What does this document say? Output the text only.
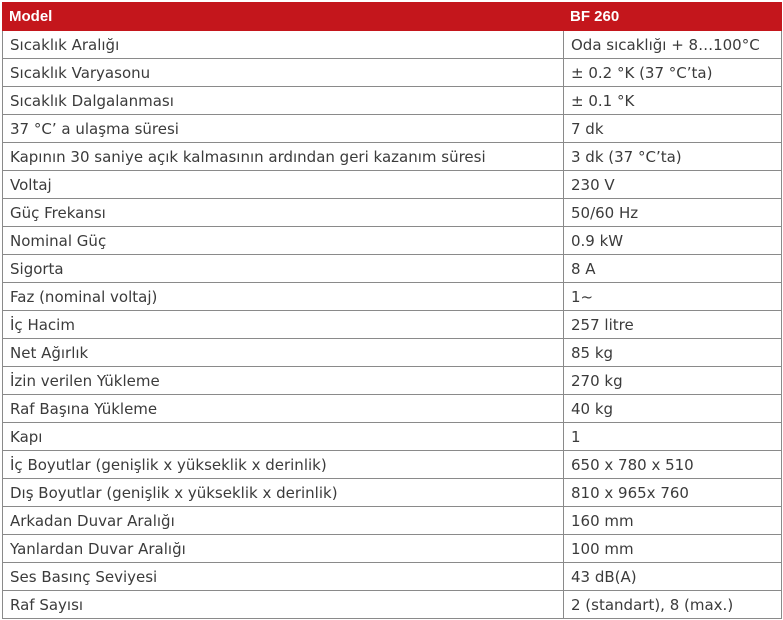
Model	BF 260
Sıcaklık Aralığı	Oda sıcaklığı + 8…100°C
Sıcaklık Varyasonu	± 0.2 °K (37 °C’ta)
Sıcaklık Dalgalanması	± 0.1 °K
37 °C’ a ulaşma süresi	7 dk
Kapının 30 saniye açık kalmasının ardından geri kazanım süresi	3 dk (37 °C’ta)
Voltaj	230 V
Güç Frekansı	50/60 Hz
Nominal Güç	0.9 kW
Sigorta	8 A
Faz (nominal voltaj)	1~
İç Hacim	257 litre
Net Ağırlık	85 kg
İzin verilen Yükleme	270 kg
Raf Başına Yükleme	40 kg
Kapı	1
İç Boyutlar (genişlik x yükseklik x derinlik)	650 x 780 x 510
Dış Boyutlar (genişlik x yükseklik x derinlik)	810 x 965x 760
Arkadan Duvar Aralığı	160 mm
Yanlardan Duvar Aralığı	100 mm
Ses Basınç Seviyesi	43 dB(A)
Raf Sayısı	2 (standart), 8 (max.)
